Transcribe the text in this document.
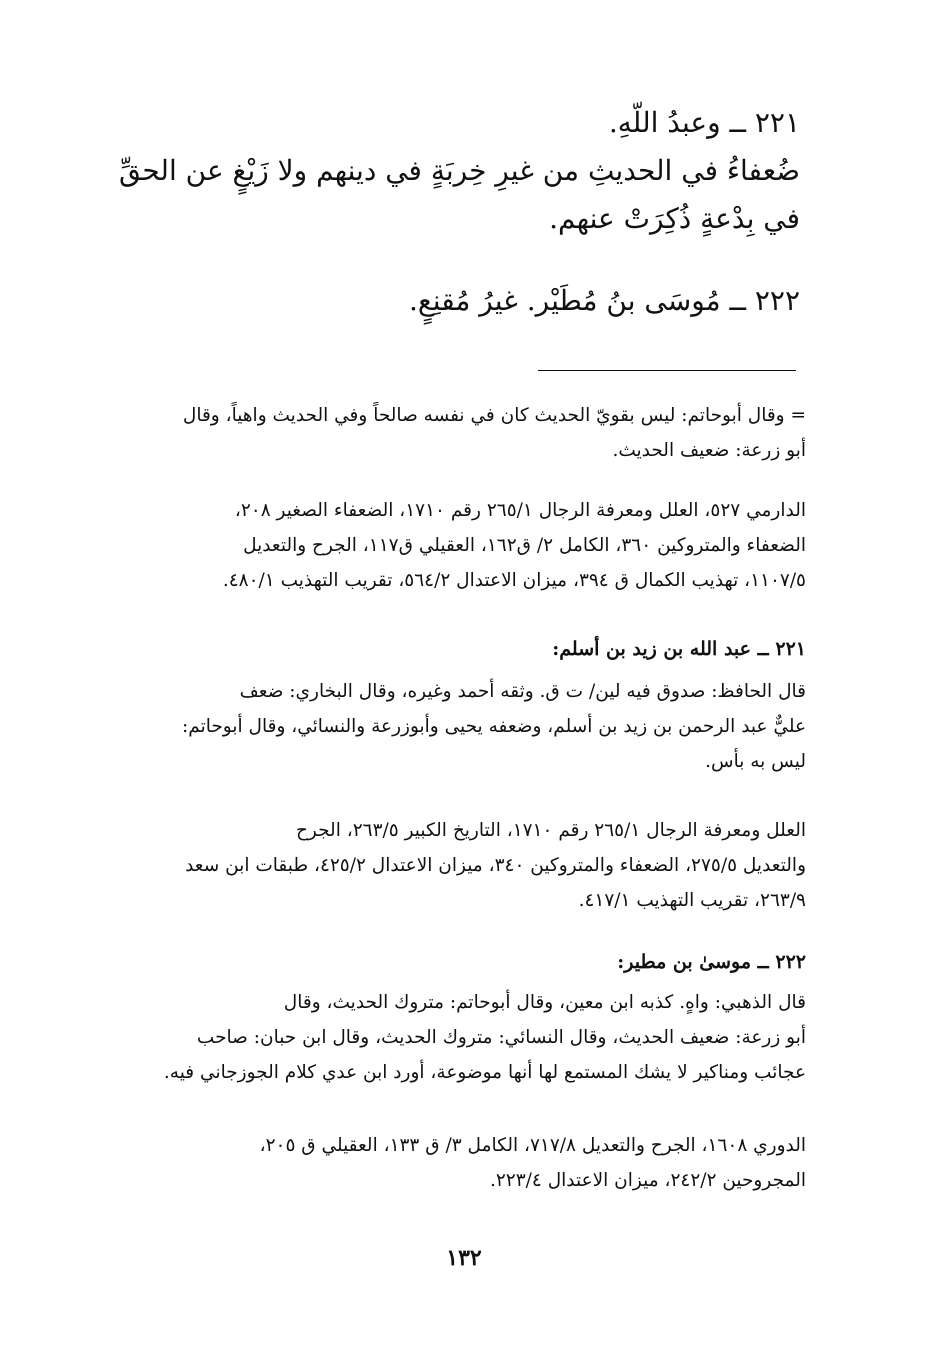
٢٢١ ــ وعبدُ اللّهِ.
ضُعفاءُ في الحديثِ من غيرِ خِربَةٍ في دينهم ولا زَيْغٍ عن الحقِّ
في بِدْعةٍ ذُكِرَتْ عنهم.
٢٢٢ ــ مُوسَى بنُ مُطَيْر. غيرُ مُقنِعٍ.
= وقال أبوحاتم: ليس بقويّ الحديث كان في نفسه صالحاً وفي الحديث واهياً، وقال
أبو زرعة: ضعيف الحديث.
الدارمي ٥٢٧، العلل ومعرفة الرجال ٢٦٥/١ رقم ١٧١٠، الضعفاء الصغير ٢٠٨،
الضعفاء والمتروكين ٣٦٠، الكامل ٢/ ق١٦٢، العقيلي ق١١٧، الجرح والتعديل
١١٠٧/٥، تهذيب الكمال ق ٣٩٤، ميزان الاعتدال ٥٦٤/٢، تقريب التهذيب ٤٨٠/١.
٢٢١ ــ عبد الله بن زيد بن أسلم:
قال الحافظ: صدوق فيه لين/ ت ق. وثقه أحمد وغيره، وقال البخاري: ضعف
عليٌّ عبد الرحمن بن زيد بن أسلم، وضعفه يحيى وأبوزرعة والنسائي، وقال أبوحاتم:
ليس به بأس.
العلل ومعرفة الرجال ٢٦٥/١ رقم ١٧١٠، التاريخ الكبير ٢٦٣/٥، الجرح
والتعديل ٢٧٥/٥، الضعفاء والمتروكين ٣٤٠، ميزان الاعتدال ٤٢٥/٢، طبقات ابن سعد
٢٦٣/٩، تقريب التهذيب ٤١٧/١.
٢٢٢ ــ موسىٰ بن مطير:
قال الذهبي: واهٍ. كذبه ابن معين، وقال أبوحاتم: متروك الحديث، وقال
أبو زرعة: ضعيف الحديث، وقال النسائي: متروك الحديث، وقال ابن حبان: صاحب
عجائب ومناكير لا يشك المستمع لها أنها موضوعة، أورد ابن عدي كلام الجوزجاني فيه.
الدوري ١٦٠٨، الجرح والتعديل ٧١٧/٨، الكامل ٣/ ق ١٣٣، العقيلي ق ٢٠٥،
المجروحين ٢٤٢/٢، ميزان الاعتدال ٢٢٣/٤.
١٣٢
